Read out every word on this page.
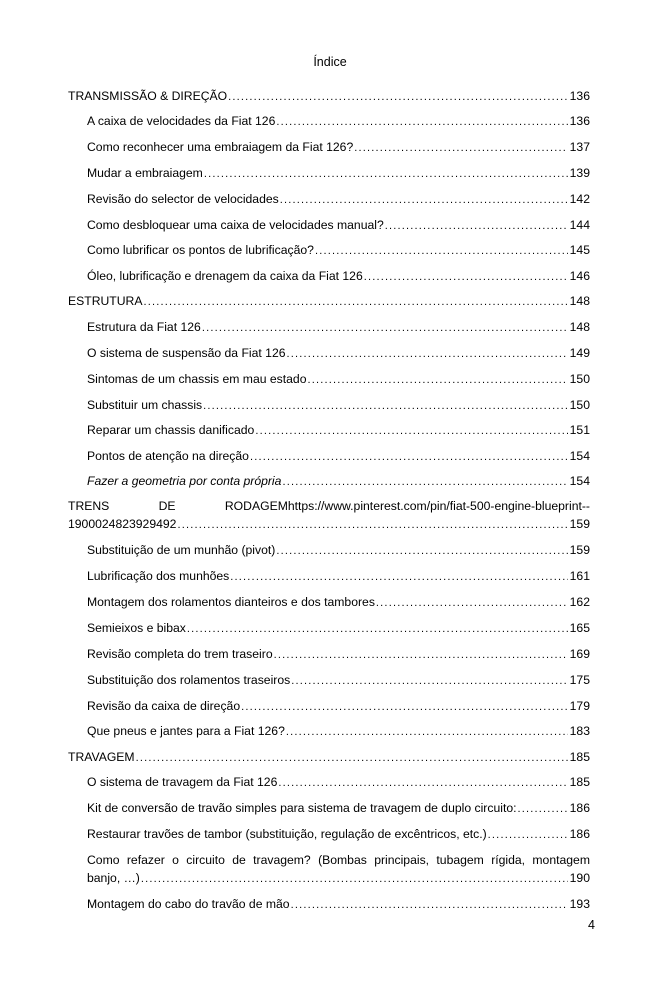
Índice
TRANSMISSÃO & DIREÇÃO .....	136
A caixa de velocidades da Fiat 126 .....	136
Como reconhecer uma embraiagem da Fiat 126? .....	137
Mudar a embraiagem .....	139
Revisão do selector de velocidades .....	142
Como desbloquear uma caixa de velocidades manual? .....	144
Como lubrificar os pontos de lubrificação? .....	145
Óleo, lubrificação e drenagem da caixa da Fiat 126 .....	146
ESTRUTURA .....	148
Estrutura da Fiat 126 .....	148
O sistema de suspensão da Fiat 126 .....	149
Sintomas de um chassis em mau estado .....	150
Substituir um chassis .....	150
Reparar um chassis danificado .....	151
Pontos de atenção na direção .....	154
Fazer a geometria por conta própria .....	154
TRENS	DE	RODAGEMhttps://www.pinterest.com/pin/fiat-500-engine-blueprint--
1900024823929492 .....	159
Substituição de um munhão (pivot) .....	159
Lubrificação dos munhões .....	161
Montagem dos rolamentos dianteiros e dos tambores .....	162
Semieixos e bibax .....	165
Revisão completa do trem traseiro .....	169
Substituição dos rolamentos traseiros .....	175
Revisão da caixa de direção .....	179
Que pneus e jantes para a Fiat 126? .....	183
TRAVAGEM .....	185
O sistema de travagem da Fiat 126 .....	185
Kit de conversão de travão simples para sistema de travagem de duplo circuito: .....	186
Restaurar travões de tambor (substituição, regulação de excêntricos, etc.) .....	186
Como refazer o circuito de travagem? (Bombas principais, tubagem rígida, montagem
banjo, …) .....	190
Montagem do cabo do travão de mão .....	193
4
